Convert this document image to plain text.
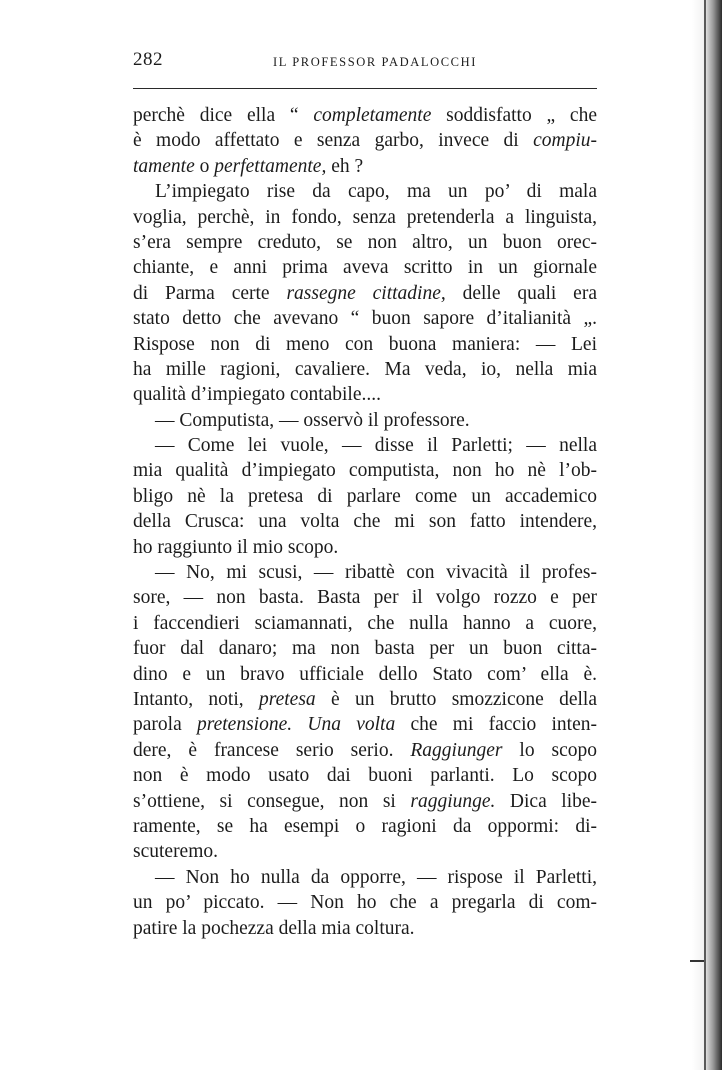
282	IL PROFESSOR PADALOCCHI
perchè dice ella “ completamente soddisfatto „ che
è modo affettato e senza garbo, invece di compiu-
tamente o perfettamente, eh ?
L’impiegato rise da capo, ma un po’ di mala
voglia, perchè, in fondo, senza pretenderla a linguista,
s’era sempre creduto, se non altro, un buon orec-
chiante, e anni prima aveva scritto in un giornale
di Parma certe rassegne cittadine, delle quali era
stato detto che avevano “ buon sapore d’italianità „.
Rispose non di meno con buona maniera: — Lei
ha mille ragioni, cavaliere. Ma veda, io, nella mia
qualità d’impiegato contabile....
— Computista, — osservò il professore.
— Come lei vuole, — disse il Parletti; — nella
mia qualità d’impiegato computista, non ho nè l’ob-
bligo nè la pretesa di parlare come un accademico
della Crusca: una volta che mi son fatto intendere,
ho raggiunto il mio scopo.
— No, mi scusi, — ribattè con vivacità il profes-
sore, — non basta. Basta per il volgo rozzo e per
i faccendieri sciamannati, che nulla hanno a cuore,
fuor dal danaro; ma non basta per un buon citta-
dino e un bravo ufficiale dello Stato com’ ella è.
Intanto, noti, pretesa è un brutto smozzicone della
parola pretensione. Una volta che mi faccio inten-
dere, è francese serio serio. Raggiunger lo scopo
non è modo usato dai buoni parlanti. Lo scopo
s’ottiene, si consegue, non si raggiunge. Dica libe-
ramente, se ha esempi o ragioni da oppormi: di-
scuteremo.
— Non ho nulla da opporre, — rispose il Parletti,
un po’ piccato. — Non ho che a pregarla di com-
patire la pochezza della mia coltura.
